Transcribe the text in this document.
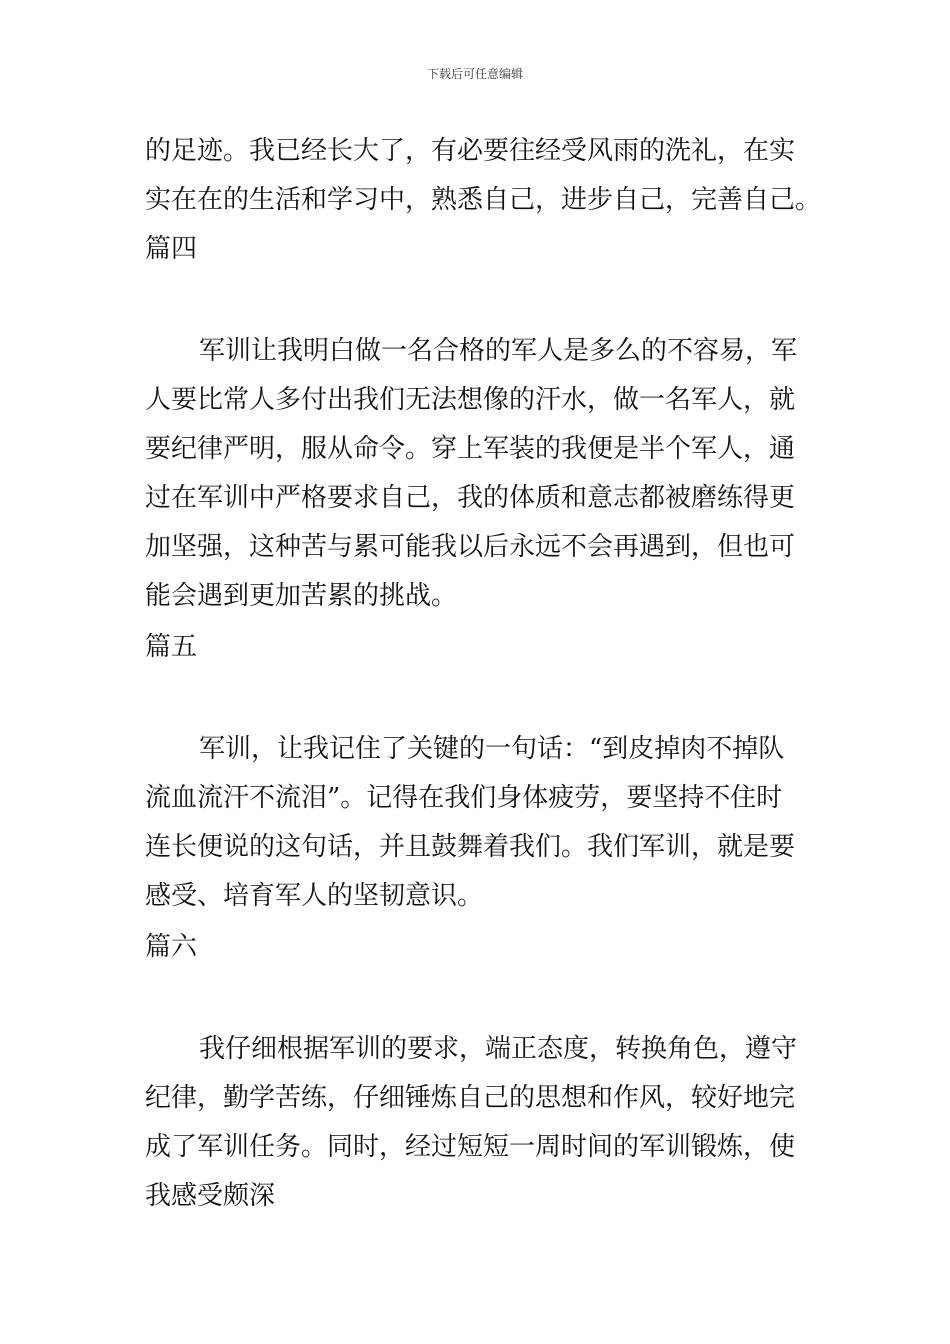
下载后可任意编辑
的足迹。我已经长大了，有必要往经受风雨的洗礼，在实
实在在的生活和学习中，熟悉自己，进步自己，完善自己。
篇四
军训让我明白做一名合格的军人是多么的不容易，军
人要比常人多付出我们无法想像的汗水，做一名军人，就
要纪律严明，服从命令。穿上军装的我便是半个军人，通
过在军训中严格要求自己，我的体质和意志都被磨练得更
加坚强，这种苦与累可能我以后永远不会再遇到，但也可
能会遇到更加苦累的挑战。
篇五
军训，让我记住了关键的一句话：“到皮掉肉不掉队
流血流汗不流泪”。记得在我们身体疲劳，要坚持不住时
连长便说的这句话，并且鼓舞着我们。我们军训，就是要
感受、培育军人的坚韧意识。
篇六
我仔细根据军训的要求，端正态度，转换角色，遵守
纪律，勤学苦练，仔细锤炼自己的思想和作风，较好地完
成了军训任务。同时，经过短短一周时间的军训锻炼，使
我感受颇深
